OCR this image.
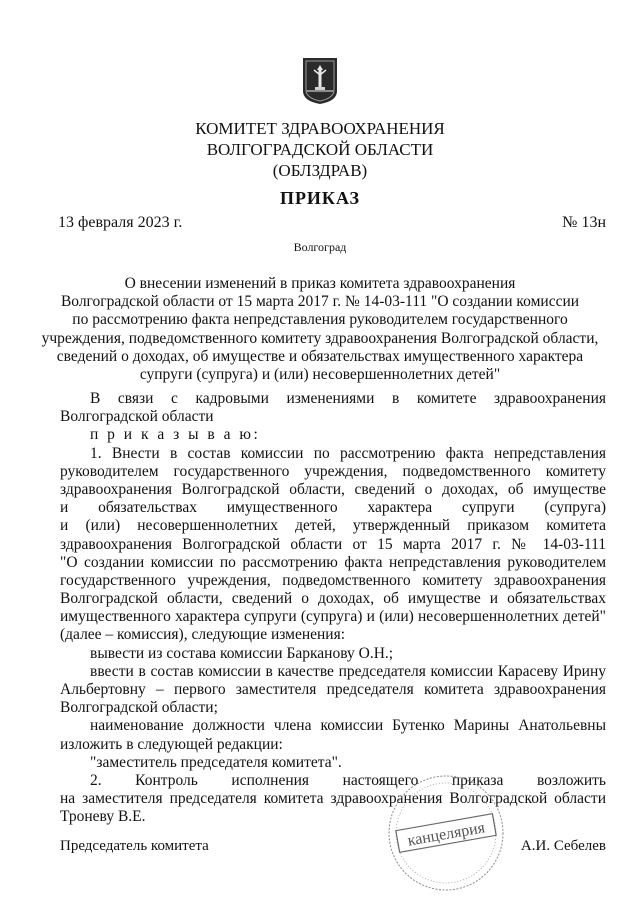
КОМИТЕТ ЗДРАВООХРАНЕНИЯ
ВОЛГОГРАДСКОЙ ОБЛАСТИ
(ОБЛЗДРАВ)
ПРИКАЗ
13 февраля 2023 г.	№ 13н
Волгоград
О внесении изменений в приказ комитета здравоохранения
Волгоградской области от 15 марта 2017 г. № 14-03-111 "О создании комиссии
по рассмотрению факта непредставления руководителем государственного
учреждения, подведомственного комитету здравоохранения Волгоградской области,
сведений о доходах, об имуществе и обязательствах имущественного характера
супруги (супруга) и (или) несовершеннолетних детей"
В связи с кадровыми изменениями в комитете здравоохранения
Волгоградской области
п р и к а з ы в а ю:
1. Внести в состав комиссии по рассмотрению факта непредставления
руководителем государственного учреждения, подведомственного комитету
здравоохранения Волгоградской области, сведений о доходах, об имуществе
и обязательствах имущественного характера супруги (супруга)
и (или) несовершеннолетних детей, утвержденный приказом комитета
здравоохранения Волгоградской области от 15 марта 2017 г. № 14-03-111
"О создании комиссии по рассмотрению факта непредставления руководителем
государственного учреждения, подведомственного комитету здравоохранения
Волгоградской области, сведений о доходах, об имуществе и обязательствах
имущественного характера супруги (супруга) и (или) несовершеннолетних детей"
(далее – комиссия), следующие изменения:
вывести из состава комиссии Барканову О.Н.;
ввести в состав комиссии в качестве председателя комиссии Карасеву Ирину
Альбертовну – первого заместителя председателя комитета здравоохранения
Волгоградской области;
наименование должности члена комиссии Бутенко Марины Анатольевны
изложить в следующей редакции:
"заместитель председателя комитета".
2. Контроль исполнения настоящего приказа возложить
на заместителя председателя комитета здравоохранения Волгоградской области
Троневу В.Е.
Председатель комитета	А.И. Себелев
канцелярия
